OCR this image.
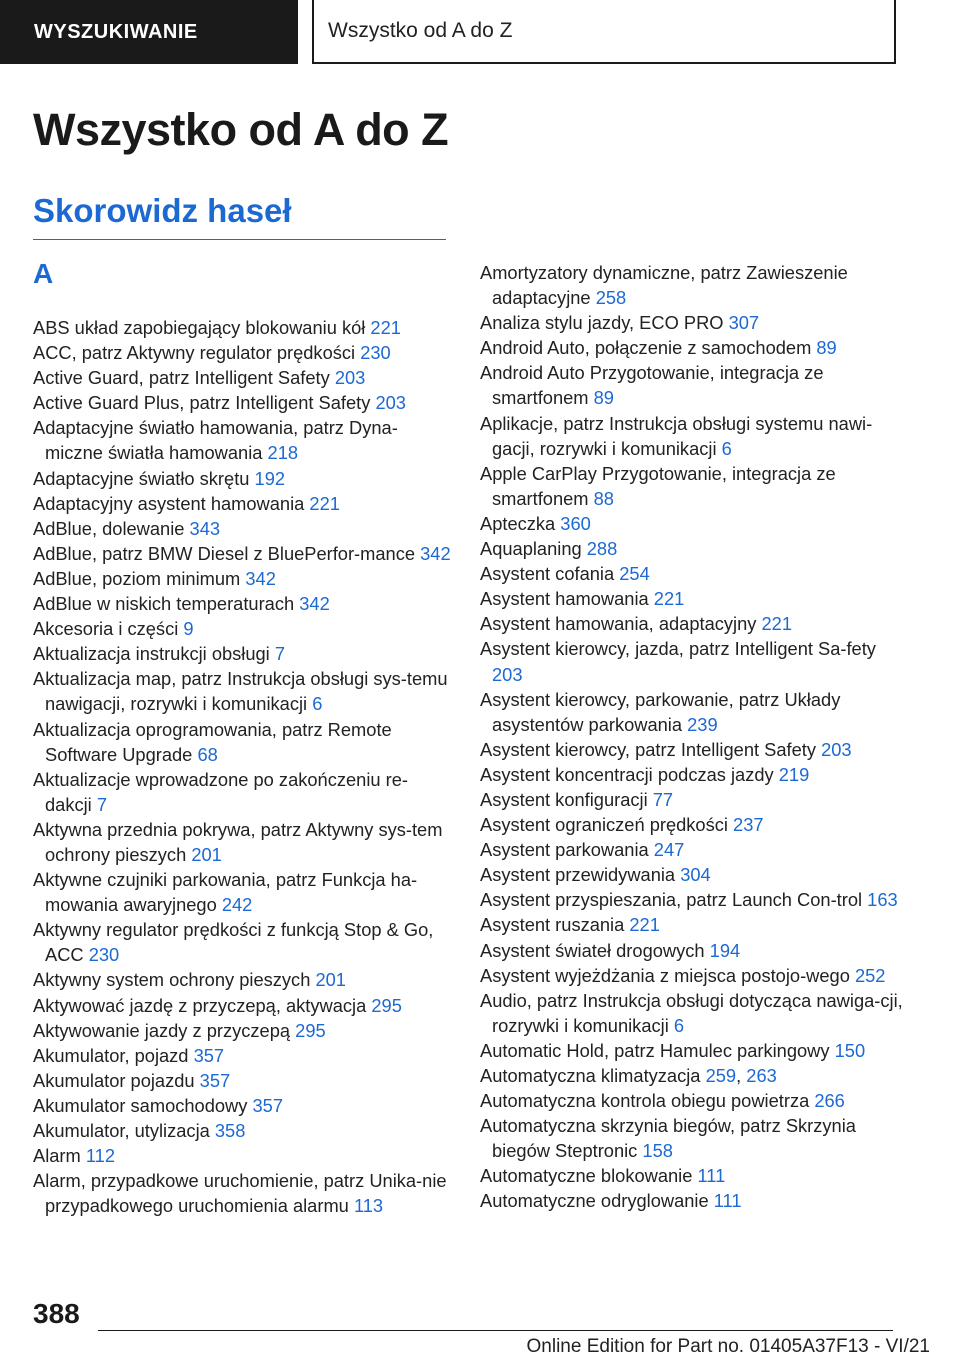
WYSZUKIWANIE	Wszystko od A do Z
Wszystko od A do Z
Skorowidz haseł
A
ABS układ zapobiegający blokowaniu kół 221
ACC, patrz Aktywny regulator prędkości 230
Active Guard, patrz Intelligent Safety 203
Active Guard Plus, patrz Intelligent Safety 203
Adaptacyjne światło hamowania, patrz Dyna-miczne światła hamowania 218
Adaptacyjne światło skrętu 192
Adaptacyjny asystent hamowania 221
AdBlue, dolewanie 343
AdBlue, patrz BMW Diesel z BluePerfor-mance 342
AdBlue, poziom minimum 342
AdBlue w niskich temperaturach 342
Akcesoria i części 9
Aktualizacja instrukcji obsługi 7
Aktualizacja map, patrz Instrukcja obsługi sys-temu nawigacji, rozrywki i komunikacji 6
Aktualizacja oprogramowania, patrz Remote Software Upgrade 68
Aktualizacje wprowadzone po zakończeniu re-dakcji 7
Aktywna przednia pokrywa, patrz Aktywny sys-tem ochrony pieszych 201
Aktywne czujniki parkowania, patrz Funkcja ha-mowania awaryjnego 242
Aktywny regulator prędkości z funkcją Stop & Go, ACC 230
Aktywny system ochrony pieszych 201
Aktywować jazdę z przyczepą, aktywacja 295
Aktywowanie jazdy z przyczepą 295
Akumulator, pojazd 357
Akumulator pojazdu 357
Akumulator samochodowy 357
Akumulator, utylizacja 358
Alarm 112
Alarm, przypadkowe uruchomienie, patrz Unika-nie przypadkowego uruchomienia alarmu 113
Amortyzatory dynamiczne, patrz Zawieszenie adaptacyjne 258
Analiza stylu jazdy, ECO PRO 307
Android Auto, połączenie z samochodem 89
Android Auto Przygotowanie, integracja ze smartfonem 89
Aplikacje, patrz Instrukcja obsługi systemu nawi-gacji, rozrywki i komunikacji 6
Apple CarPlay Przygotowanie, integracja ze smartfonem 88
Apteczka 360
Aquaplaning 288
Asystent cofania 254
Asystent hamowania 221
Asystent hamowania, adaptacyjny 221
Asystent kierowcy, jazda, patrz Intelligent Sa-fety 203
Asystent kierowcy, parkowanie, patrz Układy asystentów parkowania 239
Asystent kierowcy, patrz Intelligent Safety 203
Asystent koncentracji podczas jazdy 219
Asystent konfiguracji 77
Asystent ograniczeń prędkości 237
Asystent parkowania 247
Asystent przewidywania 304
Asystent przyspieszania, patrz Launch Con-trol 163
Asystent ruszania 221
Asystent świateł drogowych 194
Asystent wyjeżdżania z miejsca postojo-wego 252
Audio, patrz Instrukcja obsługi dotycząca nawiga-cji, rozrywki i komunikacji 6
Automatic Hold, patrz Hamulec parkingowy 150
Automatyczna klimatyzacja 259, 263
Automatyczna kontrola obiegu powietrza 266
Automatyczna skrzynia biegów, patrz Skrzynia biegów Steptronic 158
Automatyczne blokowanie 111
Automatyczne odryglowanie 111
388
Online Edition for Part no. 01405A37F13 - VI/21
